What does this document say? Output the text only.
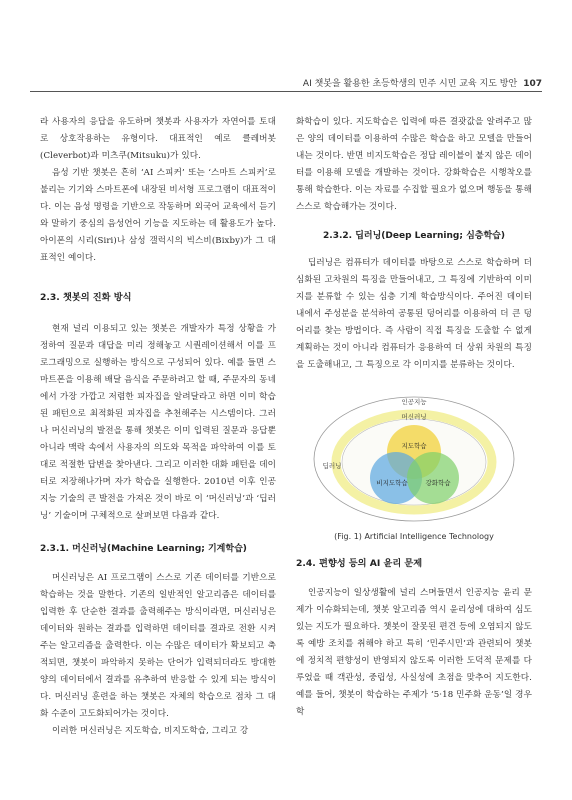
AI 챗봇을 활용한 초등학생의 민주 시민 교육 지도 방안 107

라 사용자의 응답을 유도하며 챗봇과 사용자가 자연어를 토대로 상호작용하는 유형이다. 대표적인 예로 클레버봇(Cleverbot)과 미츠쿠(Mitsuku)가 있다.

음성 기반 챗봇은 흔히 ‘AI 스피커’ 또는 ‘스마트 스피커’로 불리는 기기와 스마트폰에 내장된 비서형 프로그램이 대표적이다. 이는 음성 명령을 기반으로 작동하며 외국어 교육에서 듣기와 말하기 중심의 음성언어 기능을 지도하는 데 활용도가 높다. 아이폰의 시리(Siri)나 삼성 갤럭시의 빅스비(Bixby)가 그 대표적인 예이다.

2.3. 챗봇의 진화 방식

현재 널리 이용되고 있는 챗봇은 개발자가 특정 상황을 가정하여 질문과 대답을 미리 정해놓고 시퀀레이션해서 이를 프로그래밍으로 실행하는 방식으로 구성되어 있다. 예를 들면 스마트폰을 이용해 배달 음식을 주문하려고 할 때, 주문자의 동네에서 가장 가깝고 저렴한 피자집을 알려달라고 하면 이미 학습된 패턴으로 최적화된 피자집을 추천해주는 시스템이다. 그러나 머신러닝의 발전을 통해 챗봇은 이미 입력된 질문과 응답뿐 아니라 맥락 속에서 사용자의 의도와 목적을 파악하여 이를 토대로 적절한 답변을 찾아낸다. 그리고 이러한 대화 패턴을 데이터로 저장해나가며 자가 학습을 실행한다. 2010년 이후 인공지능 기술의 큰 발전을 가져온 것이 바로 이 ‘머신러닝’과 ‘딥러닝’ 기술이며 구체적으로 살펴보면 다음과 같다.

2.3.1. 머신러닝(Machine Learning; 기계학습)

머신러닝은 AI 프로그램이 스스로 기존 데이터를 기반으로 학습하는 것을 말한다. 기존의 일반적인 알고리즘은 데이터를 입력한 후 단순한 결과를 출력해주는 방식이라면, 머신러닝은 데이터와 원하는 결과를 입력하면 데이터를 결과로 전환 시켜주는 알고리즘을 출력한다. 이는 수많은 데이터가 확보되고 축적되면, 챗봇이 파악하지 못하는 단어가 입력되더라도 방대한 양의 데이터에서 결과를 유추하여 반응할 수 있게 되는 방식이다. 머신러닝 훈련을 하는 챗봇은 자체의 학습으로 점차 그 대화 수준이 고도화되어가는 것이다.

이러한 머신러닝은 지도학습, 비지도학습, 그리고 강

화학습이 있다. 지도학습은 입력에 따른 결괏값을 알려주고 많은 양의 데이터를 이용하여 수많은 학습을 하고 모델을 만들어내는 것이다. 반면 비지도학습은 정답 레이블이 붙지 않은 데이터를 이용해 모델을 개발하는 것이다. 강화학습은 시행착오를 통해 학습한다. 이는 자료를 수집할 필요가 없으며 행동을 통해 스스로 학습해가는 것이다.

2.3.2. 딥러닝(Deep Learning; 심층학습)

딥러닝은 컴퓨터가 데이터를 바탕으로 스스로 학습하며 더 심화된 고차원의 특징을 만들어내고, 그 특징에 기반하여 이미지를 분류할 수 있는 심층 기계 학습방식이다. 주어진 데이터 내에서 주성분을 분석하여 공통된 덩어리를 이용하여 더 큰 덩어리를 찾는 방법이다. 즉 사람이 직접 특징을 도출할 수 없게 계획하는 것이 아니라 컴퓨터가 응용하여 더 상위 차원의 특징을 도출해내고, 그 특징으로 각 이미지를 분류하는 것이다.

인공지능
머신러닝
딥러닝
지도학습
비지도학습	강화학습
(Fig. 1) Artificial Intelligence Technology
2.4. 편향성 등의 AI 윤리 문제

인공지능이 일상생활에 널리 스며들면서 인공지능 윤리 문제가 이슈화되는데, 챗봇 알고리즘 역시 윤리성에 대하여 심도 있는 지도가 필요하다. 챗봇이 잘못된 편견 등에 오염되지 않도록 예방 조치를 취해야 하고 특히 ‘민주시민’과 관련되어 챗봇에 정치적 편향성이 반영되지 않도록 이러한 도덕적 문제를 다루었을 때 객관성, 중립성, 사실성에 초점을 맞추어 지도한다. 예를 들어, 챗봇이 학습하는 주제가 ‘5·18 민주화 운동’일 경우 학
